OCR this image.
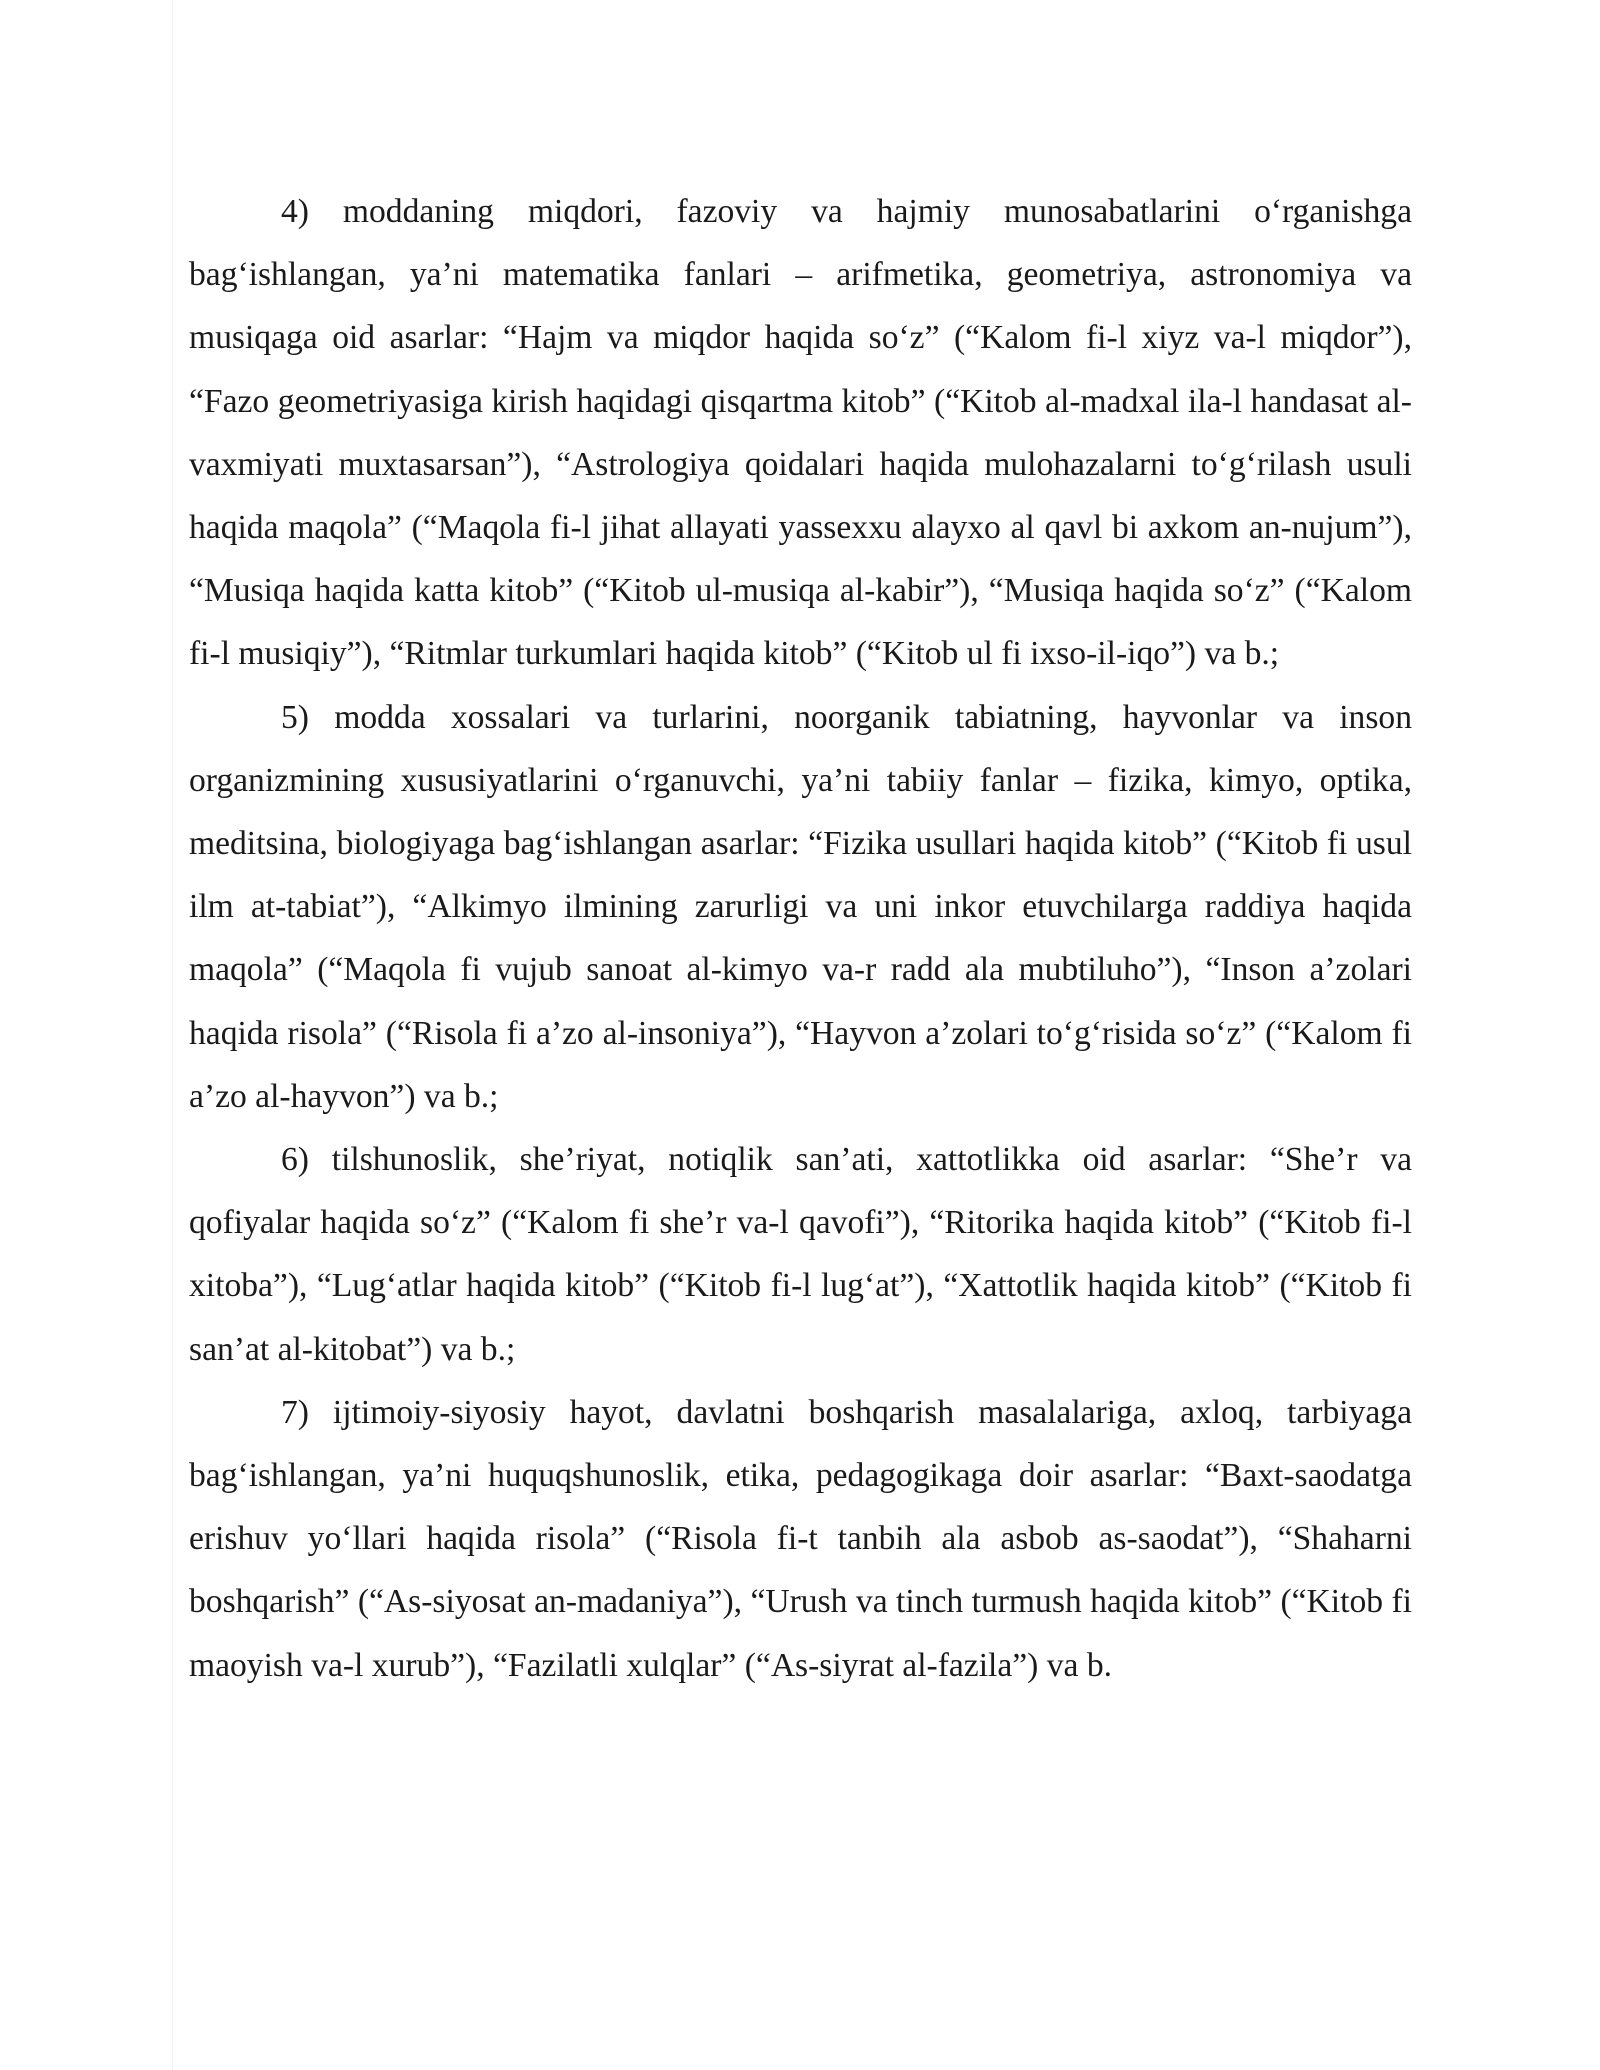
4) moddaning miqdori, fazoviy va hajmiy munosabatlarini o‘rganishga bag‘ishlangan, ya’ni matematika fanlari – arifmetika, geometriya, astronomiya va musiqaga oid asarlar: “Hajm va miqdor haqida so‘z” (“Kalom fi-l xiyz va-l miqdor”), “Fazo geometriyasiga kirish haqidagi qisqartma kitob” (“Kitob al-madxal ila-l handasat al-vaxmiyati muxtasarsan”), “Astrologiya qoidalari haqida mulohazalarni to‘g‘rilash usuli haqida maqola” (“Maqola fi-l jihat allayati yassexxu alayxo al qavl bi axkom an-nujum”), “Musiqa haqida katta kitob” (“Kitob ul-musiqa al-kabir”), “Musiqa haqida so‘z” (“Kalom fi-l musiqiy”), “Ritmlar turkumlari haqida kitob” (“Kitob ul fi ixso-il-iqo”) va b.;

5) modda xossalari va turlarini, noorganik tabiatning, hayvonlar va inson organizmining xususiyatlarini o‘rganuvchi, ya’ni tabiiy fanlar – fizika, kimyo, optika, meditsina, biologiyaga bag‘ishlangan asarlar: “Fizika usullari haqida kitob” (“Kitob fi usul ilm at-tabiat”), “Alkimyo ilmining zarurligi va uni inkor etuvchilarga raddiya haqida maqola” (“Maqola fi vujub sanoat al-kimyo va-r radd ala mubtiluho”), “Inson a’zolari haqida risola” (“Risola fi a’zo al-insoniya”), “Hayvon a’zolari to‘g‘risida so‘z” (“Kalom fi a’zo al-hayvon”) va b.;

6) tilshunoslik, she’riyat, notiqlik san’ati, xattotlikka oid asarlar: “She’r va qofiyalar haqida so‘z” (“Kalom fi she’r va-l qavofi”), “Ritorika haqida kitob” (“Kitob fi-l xitoba”), “Lug‘atlar haqida kitob” (“Kitob fi-l lug‘at”), “Xattotlik haqida kitob” (“Kitob fi san’at al-kitobat”) va b.;

7) ijtimoiy-siyosiy hayot, davlatni boshqarish masalalariga, axloq, tarbiyaga bag‘ishlangan, ya’ni huquqshunoslik, etika, pedagogikaga doir asarlar: “Baxt-saodatga erishuv yo‘llari haqida risola” (“Risola fi-t tanbih ala asbob as-saodat”), “Shaharni boshqarish” (“As-siyosat an-madaniya”), “Urush va tinch turmush haqida kitob” (“Kitob fi maoyish va-l xurub”), “Fazilatli xulqlar” (“As-siyrat al-fazila”) va b.
